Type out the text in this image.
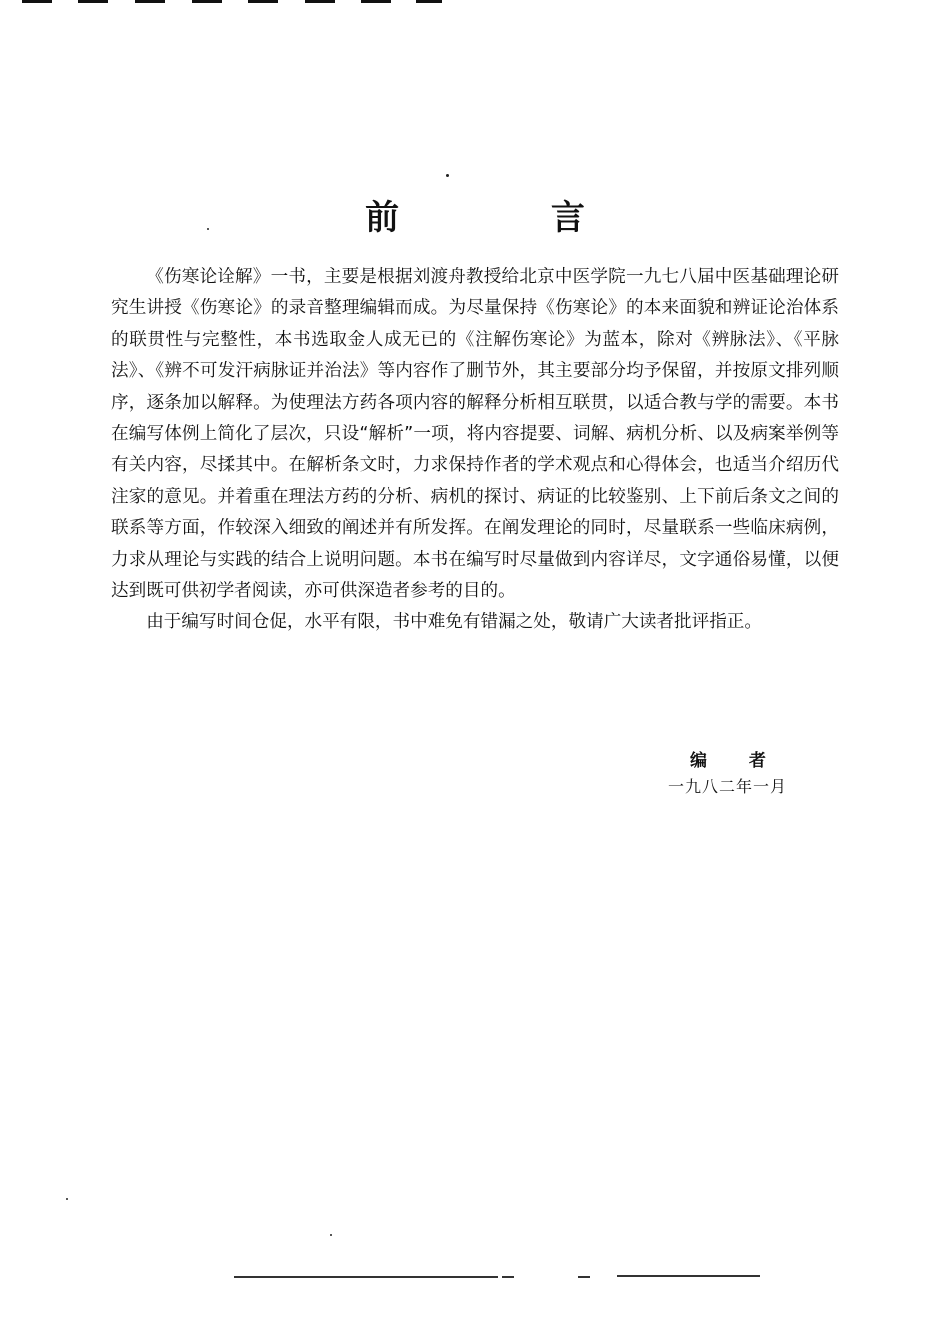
前 言

《伤寒论诠解》一书，主要是根据刘渡舟教授给北京中医学院一九七八届中医基础理论研究生讲授《伤寒论》的录音整理编辑而成。为尽量保持《伤寒论》的本来面貌和辨证论治体系的联贯性与完整性，本书选取金人成无已的《注解伤寒论》为蓝本，除对《辨脉法》、《平脉法》、《辨不可发汗病脉证并治法》等内容作了删节外，其主要部分均予保留，并按原文排列顺序，逐条加以解释。为使理法方药各项内容的解释分析相互联贯，以适合教与学的需要。本书在编写体例上简化了层次，只设“解析”一项，将内容提要、词解、病机分析、以及病案举例等有关内容，尽揉其中。在解析条文时，力求保持作者的学术观点和心得体会，也适当介绍历代注家的意见。并着重在理法方药的分析、病机的探讨、病证的比较鉴别、上下前后条文之间的联系等方面，作较深入细致的阐述并有所发挥。在阐发理论的同时，尽量联系一些临床病例，力求从理论与实践的结合上说明问题。本书在编写时尽量做到内容详尽，文字通俗易懂，以便达到既可供初学者阅读，亦可供深造者参考的目的。

由于编写时间仓促，水平有限，书中难免有错漏之处，敬请广大读者批评指正。

编 者
一九八二年一月
